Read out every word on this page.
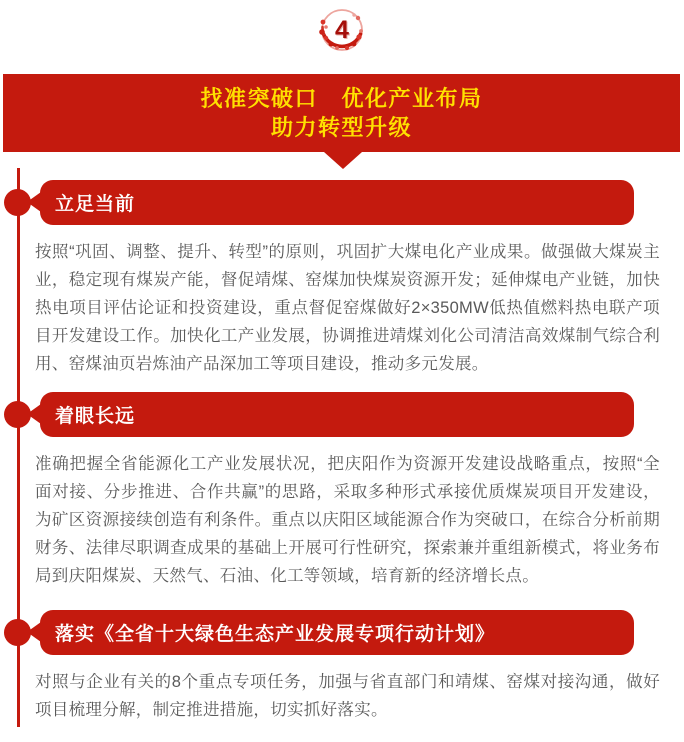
4
找准突破口　优化产业布局
助力转型升级
立足当前

按照“巩固、调整、提升、转型”的原则，巩固扩大煤电化产业成果。做强做大煤炭主业，稳定现有煤炭产能，督促靖煤、窑煤加快煤炭资源开发；延伸煤电产业链，加快热电项目评估论证和投资建设，重点督促窑煤做好2×350MW低热值燃料热电联产项目开发建设工作。加快化工产业发展，协调推进靖煤刘化公司清洁高效煤制气综合利用、窑煤油页岩炼油产品深加工等项目建设，推动多元发展。

着眼长远

准确把握全省能源化工产业发展状况，把庆阳作为资源开发建设战略重点，按照“全面对接、分步推进、合作共赢”的思路，采取多种形式承接优质煤炭项目开发建设，为矿区资源接续创造有利条件。重点以庆阳区域能源合作为突破口，在综合分析前期财务、法律尽职调查成果的基础上开展可行性研究，探索兼并重组新模式，将业务布局到庆阳煤炭、天然气、石油、化工等领域，培育新的经济增长点。

落实《全省十大绿色生态产业发展专项行动计划》

对照与企业有关的8个重点专项任务，加强与省直部门和靖煤、窑煤对接沟通，做好项目梳理分解，制定推进措施，切实抓好落实。
